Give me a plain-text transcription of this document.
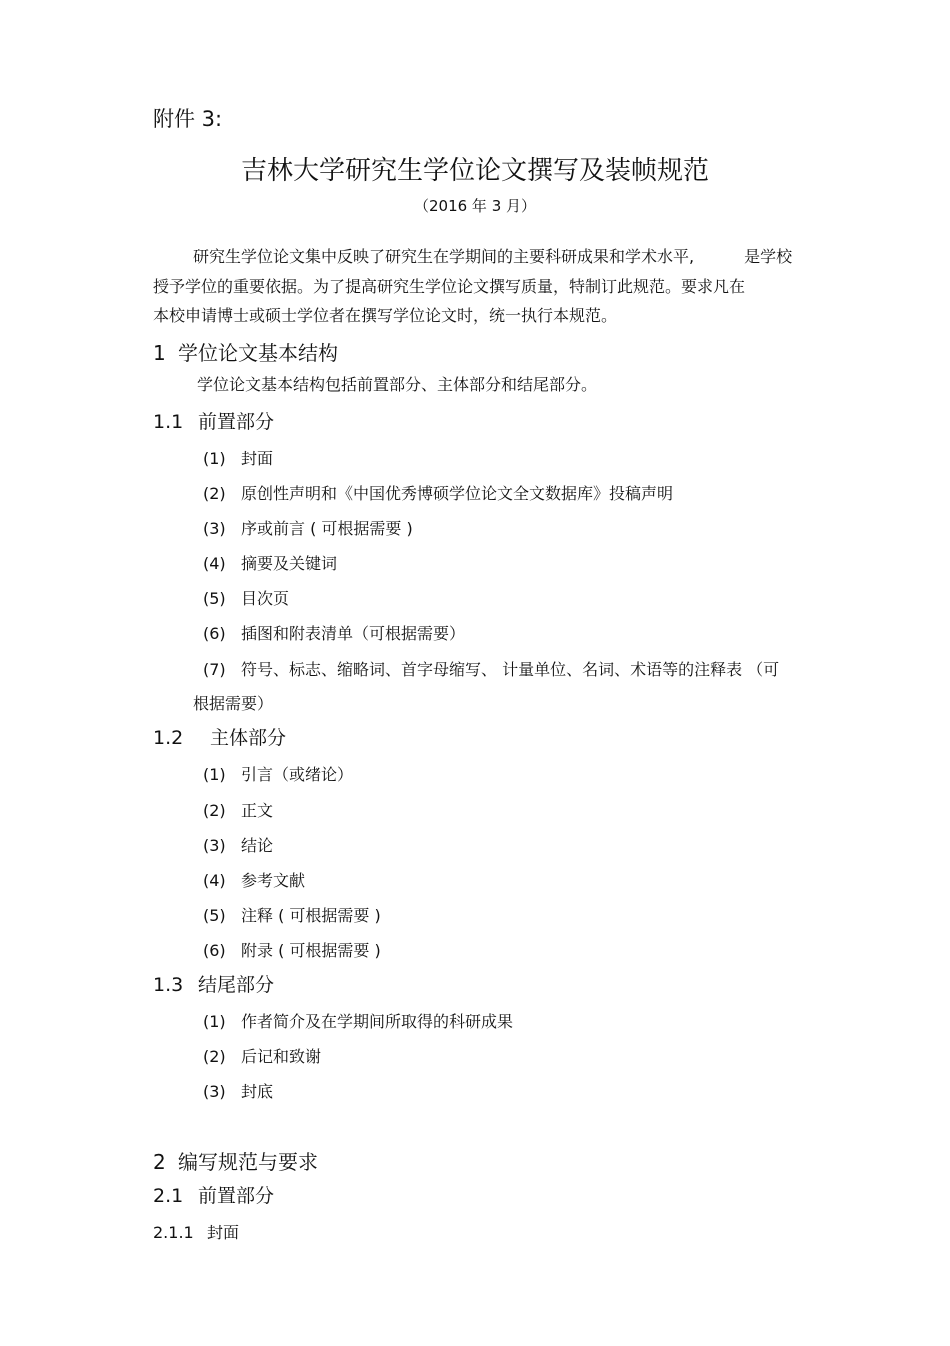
附件 3:
吉林大学研究生学位论文撰写及装帧规范
（2016 年 3 月）
研究生学位论文集中反映了研究生在学期间的主要科研成果和学术水平,	是学校
授予学位的重要依据。为了提高研究生学位论文撰写质量，特制订此规范。要求凡在
本校申请博士或硕士学位者在撰写学位论文时，统一执行本规范。
1 学位论文基本结构
学位论文基本结构包括前置部分、主体部分和结尾部分。
1.1 前置部分
(1) 封面
(2) 原创性声明和《中国优秀博硕学位论文全文数据库》投稿声明
(3) 序或前言 ( 可根据需要 )
(4) 摘要及关键词
(5) 目次页
(6) 插图和附表清单（可根据需要）
(7) 符号、标志、缩略词、首字母缩写、 计量单位、名词、术语等的注释表 （可
根据需要）
1.2 主体部分
(1) 引言（或绪论）
(2) 正文
(3) 结论
(4) 参考文献
(5) 注释 ( 可根据需要 )
(6) 附录 ( 可根据需要 )
1.3 结尾部分
(1) 作者简介及在学期间所取得的科研成果
(2) 后记和致谢
(3) 封底
2 编写规范与要求
2.1 前置部分
2.1.1 封面
